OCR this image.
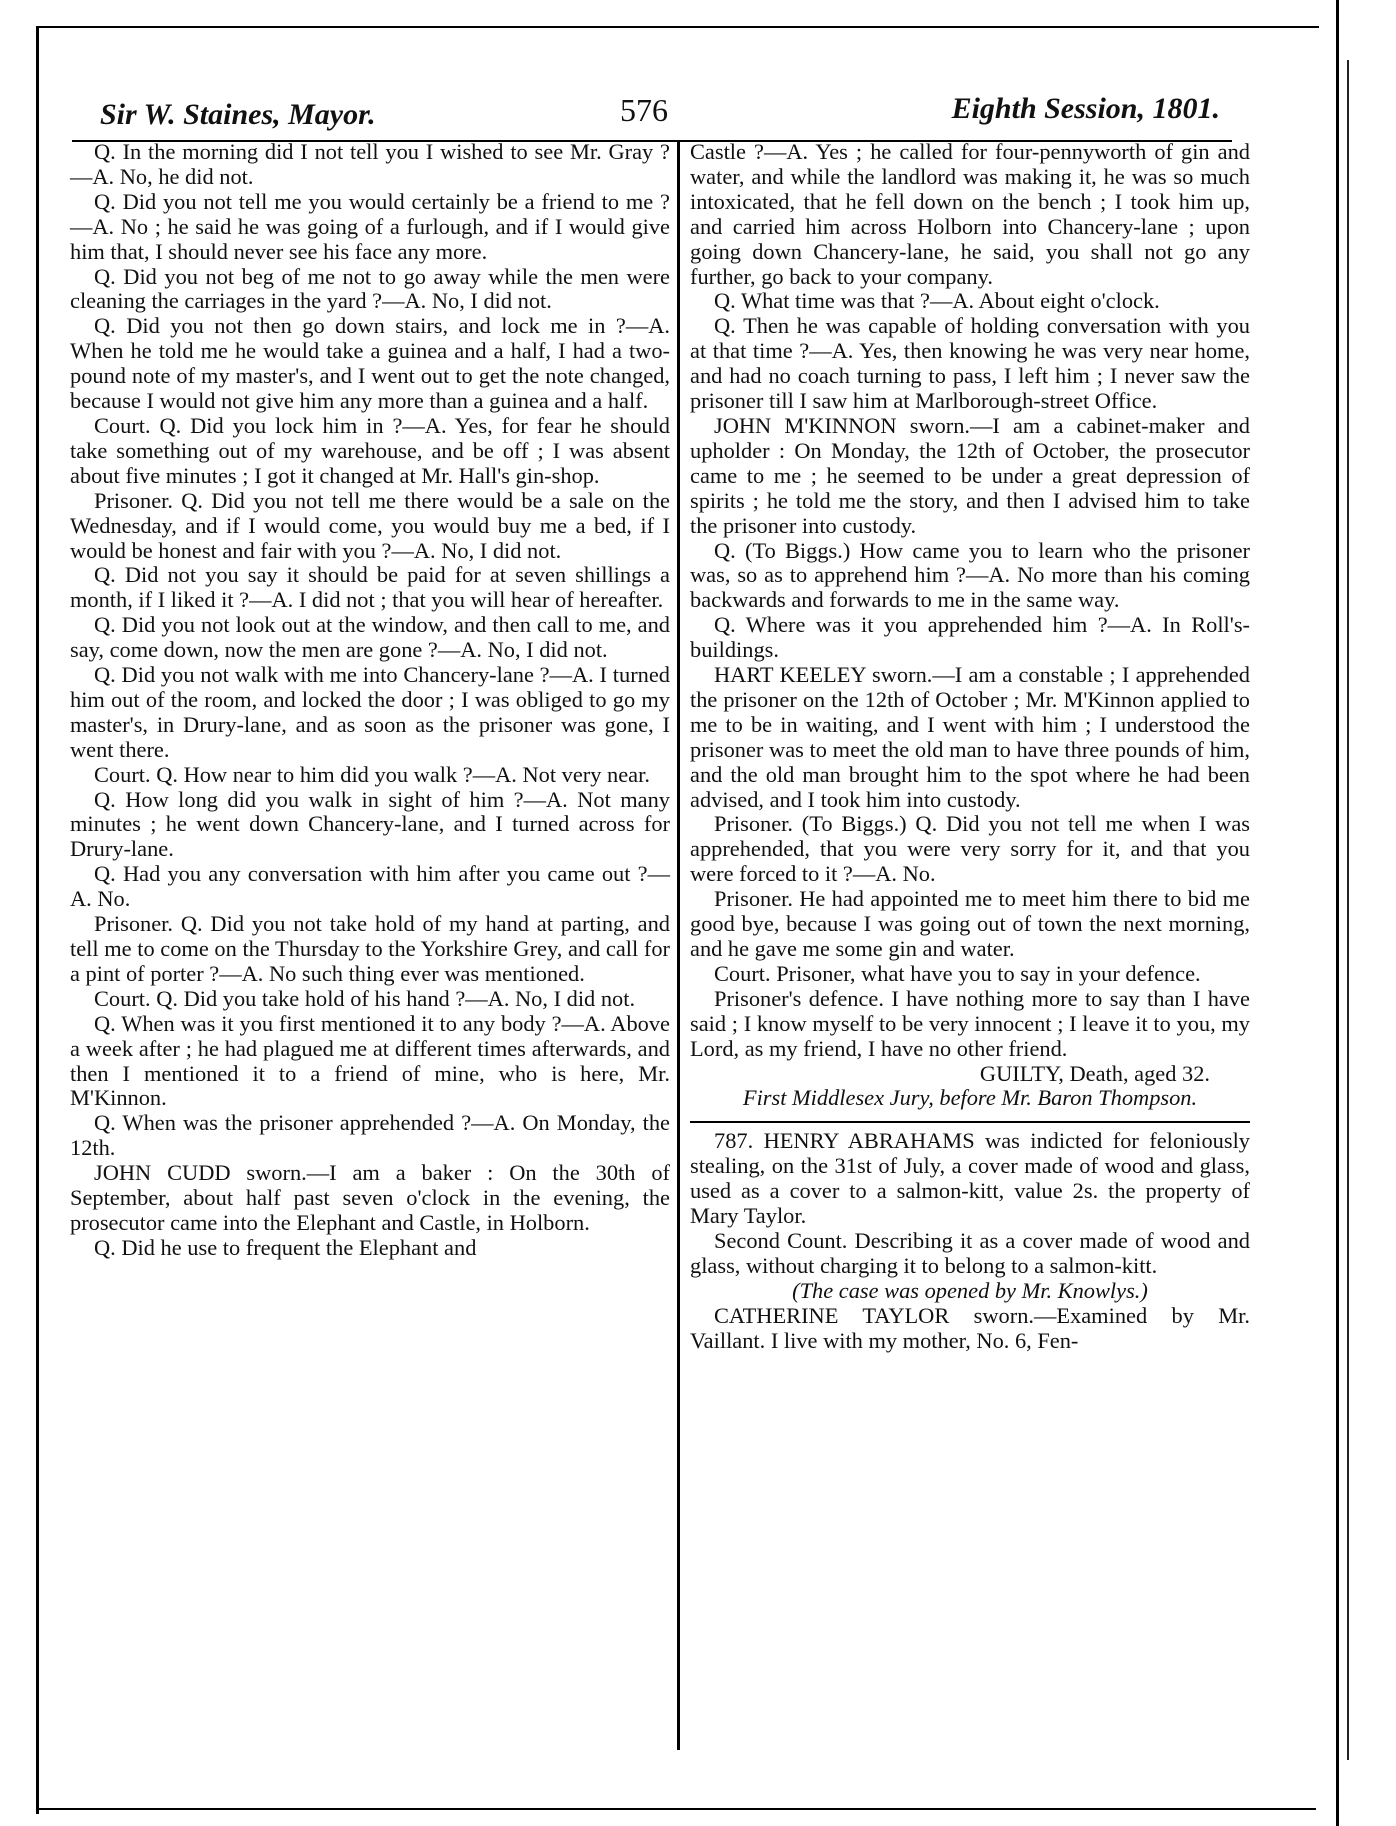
Sir W. Staines, Mayor.	576	Eighth Session, 1801.

Q. In the morning did I not tell you I wished to see Mr. Gray ?—A. No, he did not.

Q. Did you not tell me you would certainly be a friend to me ?—A. No ; he said he was going of a furlough, and if I would give him that, I should never see his face any more.

Q. Did you not beg of me not to go away while the men were cleaning the carriages in the yard ?—A. No, I did not.

Q. Did you not then go down stairs, and lock me in ?—A. When he told me he would take a guinea and a half, I had a two-pound note of my master's, and I went out to get the note changed, because I would not give him any more than a guinea and a half.

Court. Q. Did you lock him in ?—A. Yes, for fear he should take something out of my warehouse, and be off ; I was absent about five minutes ; I got it changed at Mr. Hall's gin-shop.

Prisoner. Q. Did you not tell me there would be a sale on the Wednesday, and if I would come, you would buy me a bed, if I would be honest and fair with you ?—A. No, I did not.

Q. Did not you say it should be paid for at seven shillings a month, if I liked it ?—A. I did not ; that you will hear of hereafter.

Q. Did you not look out at the window, and then call to me, and say, come down, now the men are gone ?—A. No, I did not.

Q. Did you not walk with me into Chancery-lane ?—A. I turned him out of the room, and locked the door ; I was obliged to go my master's, in Drury-lane, and as soon as the prisoner was gone, I went there.

Court. Q. How near to him did you walk ?—A. Not very near.

Q. How long did you walk in sight of him ?—A. Not many minutes ; he went down Chancery-lane, and I turned across for Drury-lane.

Q. Had you any conversation with him after you came out ?—A. No.

Prisoner. Q. Did you not take hold of my hand at parting, and tell me to come on the Thursday to the Yorkshire Grey, and call for a pint of porter ?—A. No such thing ever was mentioned.

Court. Q. Did you take hold of his hand ?—A. No, I did not.

Q. When was it you first mentioned it to any body ?—A. Above a week after ; he had plagued me at different times afterwards, and then I mentioned it to a friend of mine, who is here, Mr. M'Kinnon.

Q. When was the prisoner apprehended ?—A. On Monday, the 12th.

JOHN CUDD sworn.—I am a baker : On the 30th of September, about half past seven o'clock in the evening, the prosecutor came into the Elephant and Castle, in Holborn.

Q. Did he use to frequent the Elephant and

Castle ?—A. Yes ; he called for four-pennyworth of gin and water, and while the landlord was making it, he was so much intoxicated, that he fell down on the bench ; I took him up, and carried him across Holborn into Chancery-lane ; upon going down Chancery-lane, he said, you shall not go any further, go back to your company.

Q. What time was that ?—A. About eight o'clock.

Q. Then he was capable of holding conversation with you at that time ?—A. Yes, then knowing he was very near home, and had no coach turning to pass, I left him ; I never saw the prisoner till I saw him at Marlborough-street Office.

JOHN M'KINNON sworn.—I am a cabinet-maker and upholder : On Monday, the 12th of October, the prosecutor came to me ; he seemed to be under a great depression of spirits ; he told me the story, and then I advised him to take the prisoner into custody.

Q. (To Biggs.) How came you to learn who the prisoner was, so as to apprehend him ?—A. No more than his coming backwards and forwards to me in the same way.

Q. Where was it you apprehended him ?—A. In Roll's-buildings.

HART KEELEY sworn.—I am a constable ; I apprehended the prisoner on the 12th of October ; Mr. M'Kinnon applied to me to be in waiting, and I went with him ; I understood the prisoner was to meet the old man to have three pounds of him, and the old man brought him to the spot where he had been advised, and I took him into custody.

Prisoner. (To Biggs.) Q. Did you not tell me when I was apprehended, that you were very sorry for it, and that you were forced to it ?—A. No.

Prisoner. He had appointed me to meet him there to bid me good bye, because I was going out of town the next morning, and he gave me some gin and water.

Court. Prisoner, what have you to say in your defence.

Prisoner's defence. I have nothing more to say than I have said ; I know myself to be very innocent ; I leave it to you, my Lord, as my friend, I have no other friend.

GUILTY, Death, aged 32.

First Middlesex Jury, before Mr. Baron Thompson.

787. HENRY ABRAHAMS was indicted for feloniously stealing, on the 31st of July, a cover made of wood and glass, used as a cover to a salmon-kitt, value 2s. the property of Mary Taylor.

Second Count. Describing it as a cover made of wood and glass, without charging it to belong to a salmon-kitt.

(The case was opened by Mr. Knowlys.)

CATHERINE TAYLOR sworn.—Examined by Mr. Vaillant. I live with my mother, No. 6, Fen-
